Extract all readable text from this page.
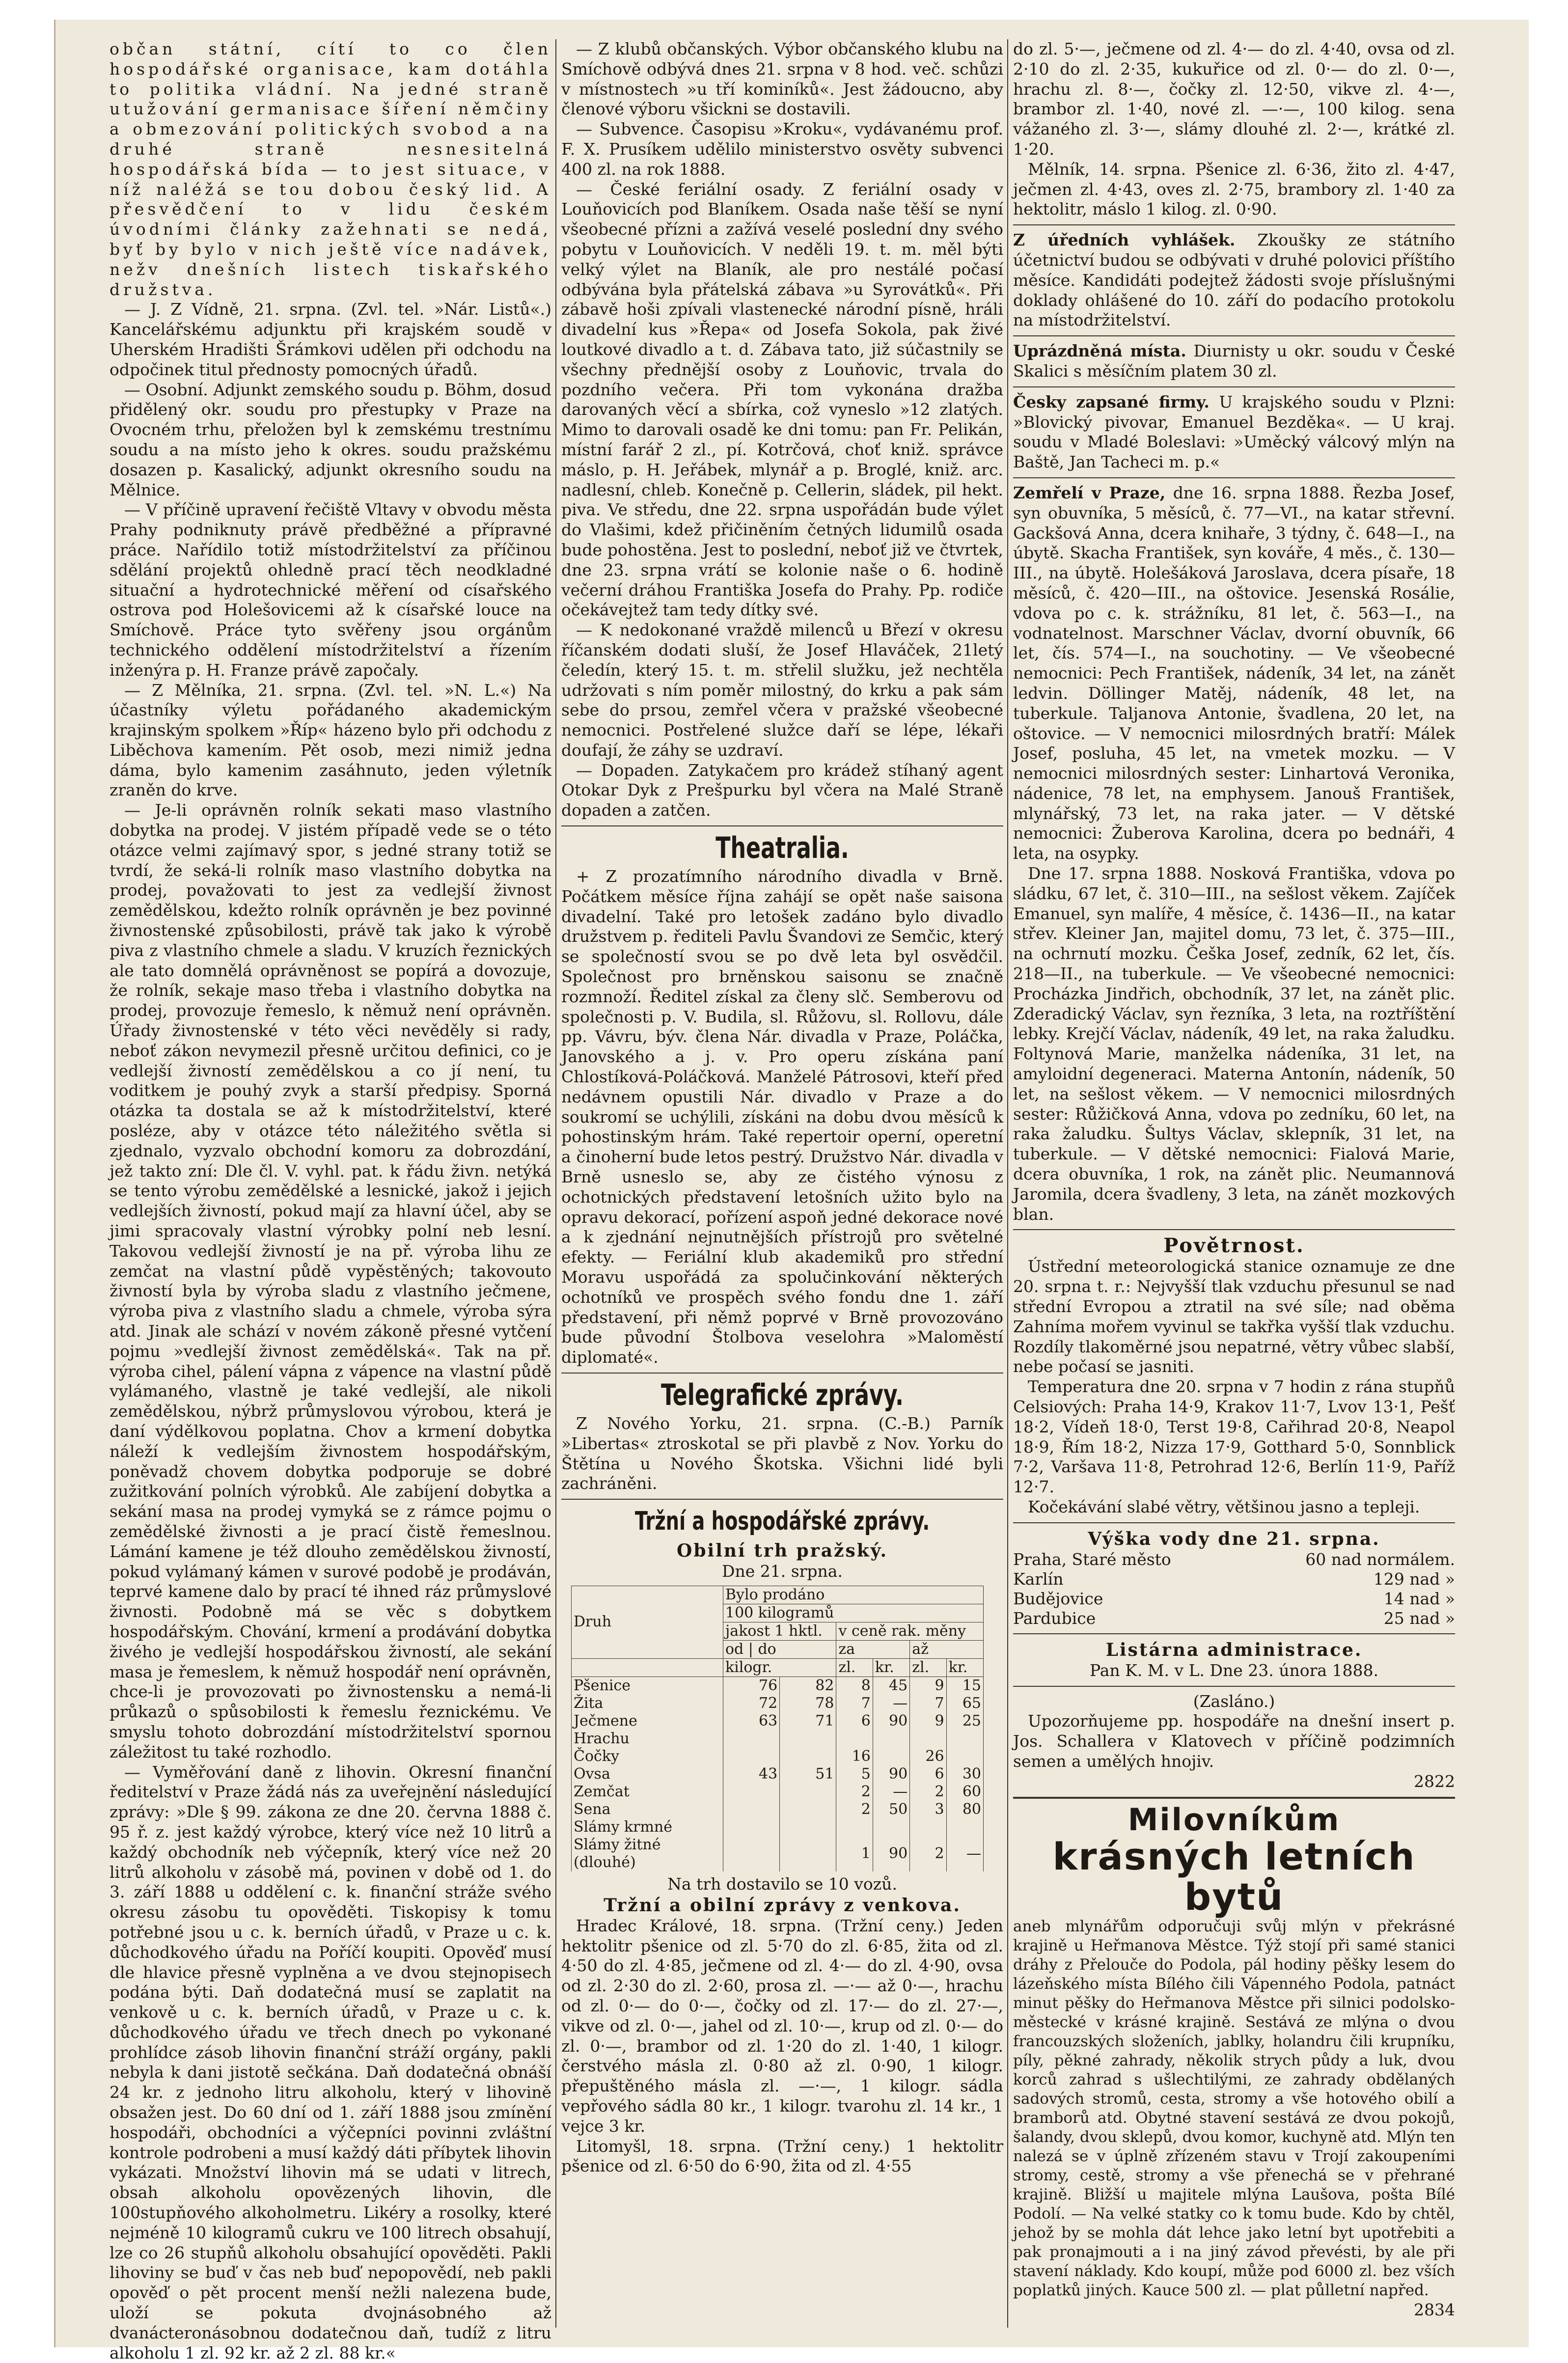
občan státní, cítí to co člen hospodářské organisace, kam dotáhla to politika vládní. Na jedné straně utužování germanisace šíření němčiny a obmezování politických svobod a na druhé straně nesnesitelná hospodářská bída — to jest situace, v níž naléžá se tou dobou český lid. A přesvědčení to v lidu českém úvodními články zažehnati se nedá, byť by bylo v nich ještě více nadávek, nežv dnešních listech tiskařského družstva.

— J. Z Vídně, 21. srpna. (Zvl. tel. »Nár. Listů«.) Kancelářskému adjunktu při krajském soudě v Uherském Hradišti Šrámkovi udělen při odchodu na odpočinek titul přednosty pomocných úřadů.

— Osobní. Adjunkt zemského soudu p. Böhm, dosud přidělený okr. soudu pro přestupky v Praze na Ovocném trhu, přeložen byl k zemskému trestnímu soudu a na místo jeho k okres. soudu pražskému dosazen p. Kasalický, adjunkt okresního soudu na Mělnice.

— V příčině upravení řečiště Vltavy v obvodu města Prahy podniknuty právě předběžné a přípravné práce. Nařídilo totiž místodržitelství za příčinou sdělání projektů ohledně prací těch neodkladné situační a hydrotechnické měření od císařského ostrova pod Holešovicemi až k císařské louce na Smíchově. Práce tyto svěřeny jsou orgánům technického oddělení místodržitelství a řízením inženýra p. H. Franze právě započaly.

— Z Mělníka, 21. srpna. (Zvl. tel. »N. L.«) Na účastníky výletu pořádaného akademickým krajinským spolkem »Říp« házeno bylo při odchodu z Liběchova kamením. Pět osob, mezi nimiž jedna dáma, bylo kamenim zasáhnuto, jeden výletník zraněn do krve.

— Je-li oprávněn rolník sekati maso vlastního dobytka na prodej. V jistém případě vede se o této otázce velmi zajímavý spor, s jedné strany totiž se tvrdí, že seká-li rolník maso vlastního dobytka na prodej, považovati to jest za vedlejší živnost zemědělskou, kdežto rolník oprávněn je bez povinné živnostenské způsobilosti, právě tak jako k výrobě piva z vlastního chmele a sladu. V kruzích řeznických ale tato domnělá oprávněnost se popírá a dovozuje, že rolník, sekaje maso třeba i vlastního dobytka na prodej, provozuje řemeslo, k němuž není oprávněn. Úřady živnostenské v této věci nevěděly si rady, neboť zákon nevymezil přesně určitou definici, co je vedlejší živností zemědělskou a co jí není, tu voditkem je pouhý zvyk a starší předpisy. Sporná otázka ta dostala se až k místodržitelství, které posléze, aby v otázce této náležitého světla si zjednalo, vyzvalo obchodní komoru za dobrozdání, jež takto zní: Dle čl. V. vyhl. pat. k řádu živn. netýká se tento výrobu zemědělské a lesnické, jakož i jejich vedlejších živností, pokud mají za hlavní účel, aby se jimi spracovaly vlastní výrobky polní neb lesní. Takovou vedlejší živností je na př. výroba lihu ze zemčat na vlastní půdě vypěstěných; takovouto živností byla by výroba sladu z vlastního ječmene, výroba piva z vlastního sladu a chmele, výroba sýra atd. Jinak ale schází v novém zákoně přesné vytčení pojmu »vedlejší živnost zemědělská«. Tak na př. výroba cihel, pálení vápna z vápence na vlastní půdě vylámaného, vlastně je také vedlejší, ale nikoli zemědělskou, nýbrž průmyslovou výrobou, která je daní výdělkovou poplatna. Chov a krmení dobytka náleží k vedlejším živnostem hospodářským, poněvadž chovem dobytka podporuje se dobré zužitkování polních výrobků. Ale zabíjení dobytka a sekání masa na prodej vymyká se z rámce pojmu o zemědělské živnosti a je prací čistě řemeslnou. Lámání kamene je též dlouho zemědělskou živností, pokud vylámaný kámen v surové podobě je prodáván, teprvé kamene dalo by prací té ihned ráz průmyslové živnosti. Podobně má se věc s dobytkem hospodářským. Chování, krmení a prodávání dobytka živého je vedlejší hospodářskou živností, ale sekání masa je řemeslem, k němuž hospodář není oprávněn, chce-li je provozovati po živnostensku a nemá-li průkazů o spůsobilosti k řemeslu řeznickému. Ve smyslu tohoto dobrozdání místodržitelství spornou záležitost tu také rozhodlo.

— Vyměřování daně z lihovin. Okresní finanční ředitelství v Praze žádá nás za uveřejnění následující zprávy: »Dle § 99. zákona ze dne 20. června 1888 č. 95 ř. z. jest každý výrobce, který více než 10 litrů a každý obchodník neb výčepník, který více než 20 litrů alkoholu v zásobě má, povinen v době od 1. do 3. září 1888 u oddělení c. k. finanční stráže svého okresu zásobu tu opověděti. Tiskopisy k tomu potřebné jsou u c. k. berních úřadů, v Praze u c. k. důchodkového úřadu na Poříčí koupiti. Opověď musí dle hlavice přesně vyplněna a ve dvou stejnopisech podána býti. Daň dodatečná musí se zaplatit na venkově u c. k. berních úřadů, v Praze u c. k. důchodkového úřadu ve třech dnech po vykonané prohlídce zásob lihovin finanční stráží orgány, pakli nebyla k dani jistotě sečkána. Daň dodatečná obnáší 24 kr. z jednoho litru alkoholu, který v lihovině obsažen jest. Do 60 dní od 1. září 1888 jsou zmínění hospodáři, obchodníci a výčepníci povinni zvláštní kontrole podrobeni a musí každý dáti příbytek lihovin vykázati. Množství lihovin má se udati v litrech, obsah alkoholu opovězených lihovin, dle 100stupňového alkoholmetru. Likéry a rosolky, které nejméně 10 kilogramů cukru ve 100 litrech obsahují, lze co 26 stupňů alkoholu obsahující opověděti. Pakli lihoviny se buď v čas neb buď nepopovědí, neb pakli opověď o pět procent menší nežli nalezena bude, uloží se pokuta dvojnásobného až dvanácteronásobnou dodatečnou daň, tudíž z litru alkoholu 1 zl. 92 kr. až 2 zl. 88 kr.«

— Z klubů občanských. Výbor občanského klubu na Smíchově odbývá dnes 21. srpna v 8 hod. več. schůzi v místnostech »u tří kominíků«. Jest žádoucno, aby členové výboru všickni se dostavili.

— Subvence. Časopisu »Kroku«, vydávanému prof. F. X. Prusíkem udělilo ministerstvo osvěty subvenci 400 zl. na rok 1888.

— České feriální osady. Z feriální osady v Louňovicích pod Blaníkem. Osada naše těší se nyní všeobecné přízni a zažívá veselé poslední dny svého pobytu v Louňovicích. V neděli 19. t. m. měl býti velký výlet na Blaník, ale pro nestálé počasí odbývána byla přátelská zábava »u Syrovátků«. Při zábavě hoši zpívali vlastenecké národní písně, hráli divadelní kus »Řepa« od Josefa Sokola, pak živé loutkové divadlo a t. d. Zábava tato, již súčastnily se všechny přednější osoby z Louňovic, trvala do pozdního večera. Při tom vykonána dražba darovaných věcí a sbírka, což vyneslo »12 zlatých. Mimo to darovali osadě ke dni tomu: pan Fr. Pelikán, místní farář 2 zl., pí. Kotrčová, choť kniž. správce máslo, p. H. Jeřábek, mlynář a p. Broglé, kniž. arc. nadlesní, chleb. Konečně p. Cellerin, sládek, pil hekt. piva. Ve středu, dne 22. srpna uspořádán bude výlet do Vlašimi, kdež přičiněním četných lidumilů osada bude pohostěna. Jest to poslední, neboť již ve čtvrtek, dne 23. srpna vrátí se kolonie naše o 6. hodině večerní dráhou Františka Josefa do Prahy. Pp. rodiče očekávejtež tam tedy dítky své.

— K nedokonané vraždě milenců u Březí v okresu říčanském dodati sluší, že Josef Hlaváček, 21letý čeledín, který 15. t. m. střelil služku, jež nechtěla udržovati s ním poměr milostný, do krku a pak sám sebe do prsou, zemřel včera v pražské všeobecné nemocnici. Postřelené služce daří se lépe, lékaři doufají, že záhy se uzdraví.

— Dopaden. Zatykačem pro krádež stíhaný agent Otokar Dyk z Prešpurku byl včera na Malé Straně dopaden a zatčen.

Theatralia.

+ Z prozatímního národního divadla v Brně. Počátkem měsíce října zahájí se opět naše saisona divadelní. Také pro letošek zadáno bylo divadlo družstvem p. řediteli Pavlu Švandovi ze Semčic, který se společností svou se po dvě leta byl osvědčil. Společnost pro brněnskou saisonu se značně rozmnoží. Ředitel získal za členy slč. Semberovu od společnosti p. V. Budila, sl. Růžovu, sl. Rollovu, dále pp. Vávru, býv. člena Nár. divadla v Praze, Poláčka, Janovského a j. v. Pro operu získána paní Chlostíková-Poláčková. Manželé Pátrosovi, kteří před nedávnem opustili Nár. divadlo v Praze a do soukromí se uchýlili, získáni na dobu dvou měsíců k pohostinským hrám. Také repertoir operní, operetní a činoherní bude letos pestrý. Družstvo Nár. divadla v Brně usneslo se, aby ze čistého výnosu z ochotnických představení letošních užito bylo na opravu dekorací, pořízení aspoň jedné dekorace nové a k zjednání nejnutnějších přístrojů pro světelné efekty. — Feriální klub akademiků pro střední Moravu uspořádá za spolučinkování některých ochotníků ve prospěch svého fondu dne 1. září představení, při němž poprvé v Brně provozováno bude původní Štolbova veselohra »Maloměstí diplomaté«.

Telegrafické zprávy.

Z Nového Yorku, 21. srpna. (C.-B.) Parník »Libertas« ztroskotal se při plavbě z Nov. Yorku do Štětína u Nového Škotska. Všichni lidé byli zachráněni.

Tržní a hospodářské zprávy.
Obilní trh pražský.

Dne 21. srpna.

Druh	Bylo prodáno					
	100 kilogramů					
	jakost 1 hktl.		v ceně rak. měny			
	od | do		za		až	
	kilogr.		zl.	kr.	zl.	kr.
Pšenice	76	82	8	45	9	15
Žita	72	78	7	—	7	65
Ječmene	63	71	6	90	9	25
Hrachu						
Čočky			16		26	
Ovsa	43	51	5	90	6	30
Zemčat			2	—	2	60
Sena			2	50	3	80
Slámy krmné						
Slámy žitné (dlouhé)			1	90	2	—

Na trh dostavilo se 10 vozů.

Tržní a obilní zprávy z venkova.

Hradec Králové, 18. srpna. (Tržní ceny.) Jeden hektolitr pšenice od zl. 5·70 do zl. 6·85, žita od zl. 4·50 do zl. 4·85, ječmene od zl. 4·— do zl. 4·90, ovsa od zl. 2·30 do zl. 2·60, prosa zl. —·— až 0·—, hrachu od zl. 0·— do 0·—, čočky od zl. 17·— do zl. 27·—, vikve od zl. 0·—, jahel od zl. 10·—, krup od zl. 0·— do zl. 0·—, brambor od zl. 1·20 do zl. 1·40, 1 kilogr. čerstvého másla zl. 0·80 až zl. 0·90, 1 kilogr. přepuštěného másla zl. —·—, 1 kilogr. sádla vepřového sádla 80 kr., 1 kilogr. tvarohu zl. 14 kr., 1 vejce 3 kr.

Litomyšl, 18. srpna. (Tržní ceny.) 1 hektolitr pšenice od zl. 6·50 do 6·90, žita od zl. 4·55

do zl. 5·—, ječmene od zl. 4·— do zl. 4·40, ovsa od zl. 2·10 do zl. 2·35, kukuřice od zl. 0·— do zl. 0·—, hrachu zl. 8·—, čočky zl. 12·50, vikve zl. 4·—, brambor zl. 1·40, nové zl. —·—, 100 kilog. sena vážaného zl. 3·—, slámy dlouhé zl. 2·—, krátké zl. 1·20.

Mělník, 14. srpna. Pšenice zl. 6·36, žito zl. 4·47, ječmen zl. 4·43, oves zl. 2·75, brambory zl. 1·40 za hektolitr, máslo 1 kilog. zl. 0·90.

Z úředních vyhlášek. Zkoušky ze státního účetnictví budou se odbývati v druhé polovici příštího měsíce. Kandidáti podejtež žádosti svoje příslušnými doklady ohlášené do 10. září do podacího protokolu na místodržitelství.

Uprázdněná místa. Diurnisty u okr. soudu v České Skalici s měsíčním platem 30 zl.

Česky zapsané firmy. U krajského soudu v Plzni: »Blovický pivovar, Emanuel Bezděka«. — U kraj. soudu v Mladé Boleslavi: »Uměcký válcový mlýn na Baště, Jan Tacheci m. p.«

Zemřelí v Praze, dne 16. srpna 1888. Řezba Josef, syn obuvníka, 5 měsíců, č. 77—VI., na katar střevní. Gackšová Anna, dcera knihaře, 3 týdny, č. 648—I., na úbytě. Skacha František, syn kováře, 4 měs., č. 130—III., na úbytě. Holešáková Jaroslava, dcera písaře, 18 měsíců, č. 420—III., na oštovice. Jesenská Rosálie, vdova po c. k. strážníku, 81 let, č. 563—I., na vodnatelnost. Marschner Václav, dvorní obuvník, 66 let, čís. 574—I., na souchotiny. — Ve všeobecné nemocnici: Pech František, nádeník, 34 let, na zánět ledvin. Döllinger Matěj, nádeník, 48 let, na tuberkule. Taljanova Antonie, švadlena, 20 let, na oštovice. — V nemocnici milosrdných bratří: Málek Josef, posluha, 45 let, na vmetek mozku. — V nemocnici milosrdných sester: Linhartová Veronika, nádenice, 78 let, na emphysem. Janouš František, mlynářský, 73 let, na raka jater. — V dětské nemocnici: Žuberova Karolina, dcera po bednáři, 4 leta, na osypky.

Dne 17. srpna 1888. Nosková Františka, vdova po sládku, 67 let, č. 310—III., na sešlost věkem. Zajíček Emanuel, syn malíře, 4 měsíce, č. 1436—II., na katar střev. Kleiner Jan, majitel domu, 73 let, č. 375—III., na ochrnutí mozku. Češka Josef, zedník, 62 let, čís. 218—II., na tuberkule. — Ve všeobecné nemocnici: Procházka Jindřich, obchodník, 37 let, na zánět plic. Zderadický Václav, syn řezníka, 3 leta, na roztříštění lebky. Krejčí Václav, nádeník, 49 let, na raka žaludku. Foltynová Marie, manželka nádeníka, 31 let, na amyloidní degeneraci. Materna Antonín, nádeník, 50 let, na sešlost věkem. — V nemocnici milosrdných sester: Růžičková Anna, vdova po zedníku, 60 let, na raka žaludku. Šultys Václav, sklepník, 31 let, na tuberkule. — V dětské nemocnici: Fialová Marie, dcera obuvníka, 1 rok, na zánět plic. Neumannová Jaromila, dcera švadleny, 3 leta, na zánět mozkových blan.

Povětrnost.

Ústřední meteorologická stanice oznamuje ze dne 20. srpna t. r.: Nejvyšší tlak vzduchu přesunul se nad střední Evropou a ztratil na své síle; nad oběma Zahníma mořem vyvinul se takřka vyšší tlak vzduchu. Rozdíly tlakoměrné jsou nepatrné, větry vůbec slabší, nebe počasí se jasniti.

Temperatura dne 20. srpna v 7 hodin z rána stupňů Celsiových: Praha 14·9, Krakov 11·7, Lvov 13·1, Pešť 18·2, Vídeň 18·0, Terst 19·8, Cařihrad 20·8, Neapol 18·9, Řím 18·2, Nizza 17·9, Gotthard 5·0, Sonnblick 7·2, Varšava 11·8, Petrohrad 12·6, Berlín 11·9, Paříž 12·7.

Kočekávání slabé větry, většinou jasno a tepleji.

Výška vody dne 21. srpna.
Praha, Staré město	60 nad normálem.
Karlín	129 nad »
Budějovice	14 nad »
Pardubice	25 nad »
Listárna administrace.

Pan K. M. v L. Dne 23. února 1888.

(Zasláno.)

Upozorňujeme pp. hospodáře na dnešní insert p. Jos. Schallera v Klatovech v příčině podzimních semen a umělých hnojiv.

2822

Milovníkům
krásných letních bytů

aneb mlynářům odporučuji svůj mlýn v překrásné krajině u Heřmanova Městce. Týž stojí při samé stanici dráhy z Přelouče do Podola, pál hodiny pěšky lesem do lázeňského místa Bílého čili Vápenného Podola, patnáct minut pěšky do Heřmanova Městce při silnici podolsko-městecké v krásné krajině. Sestává ze mlýna o dvou francouzských složeních, jablky, holandru čili krupníku, píly, pěkné zahrady, několik strych půdy a luk, dvou korců zahrad s ušlechtilými, ze zahrady obdělaných sadových stromů, cesta, stromy a vše hotového obilí a bramborů atd. Obytné stavení sestává ze dvou pokojů, šalandy, dvou sklepů, dvou komor, kuchyně atd. Mlýn ten nalezá se v úplně zřízeném stavu v Trojí zakoupeními stromy, cestě, stromy a vše přenechá se v přehrané krajině. Bližší u majitele mlýna Laušova, pošta Bílé Podolí. — Na velké statky co k tomu bude. Kdo by chtěl, jehož by se mohla dát lehce jako letní byt upotřebiti a pak pronajmouti a i na jiný závod převésti, by ale při stavení náklady. Kdo koupí, může pod 6000 zl. bez vších poplatků jiných. Kauce 500 zl. — plat půlletní napřed.

2834
